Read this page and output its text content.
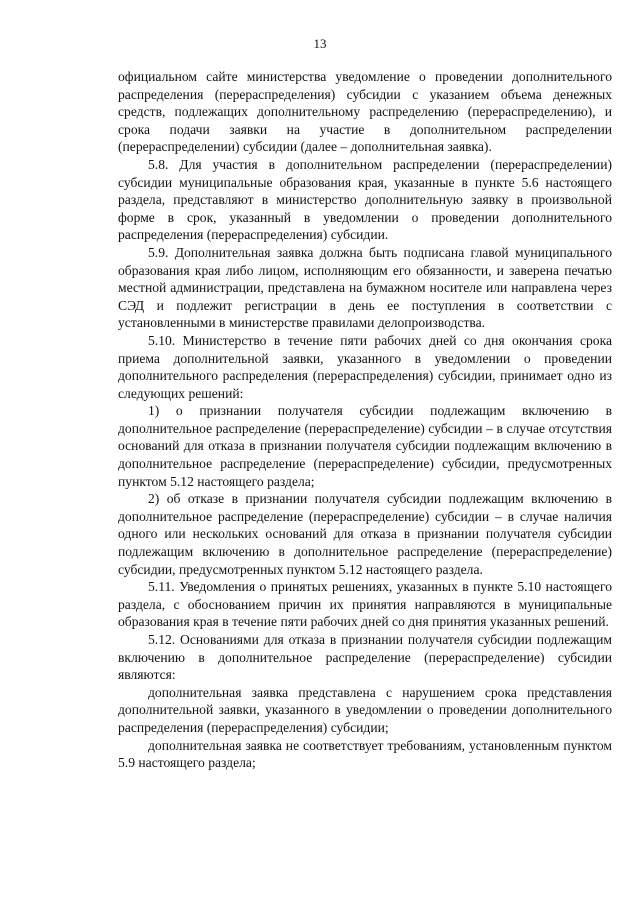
13

официальном сайте министерства уведомление о проведении дополнительного распределения (перераспределения) субсидии с указанием объема денежных средств, подлежащих дополнительному распределению (перераспределению), и срока подачи заявки на участие в дополнительном распределении (перераспределении) субсидии (далее – дополнительная заявка).

5.8. Для участия в дополнительном распределении (перераспределении) субсидии муниципальные образования края, указанные в пункте 5.6 настоящего раздела, представляют в министерство дополнительную заявку в произвольной форме в срок, указанный в уведомлении о проведении дополнительного распределения (перераспределения) субсидии.

5.9. Дополнительная заявка должна быть подписана главой муниципального образования края либо лицом, исполняющим его обязанности, и заверена печатью местной администрации, представлена на бумажном носителе или направлена через СЭД и подлежит регистрации в день ее поступления в соответствии с установленными в министерстве правилами делопроизводства.

5.10. Министерство в течение пяти рабочих дней со дня окончания срока приема дополнительной заявки, указанного в уведомлении о проведении дополнительного распределения (перераспределения) субсидии, принимает одно из следующих решений:

1) о признании получателя субсидии подлежащим включению в дополнительное распределение (перераспределение) субсидии – в случае отсутствия оснований для отказа в признании получателя субсидии подлежащим включению в дополнительное распределение (перераспределение) субсидии, предусмотренных пунктом 5.12 настоящего раздела;

2) об отказе в признании получателя субсидии подлежащим включению в дополнительное распределение (перераспределение) субсидии – в случае наличия одного или нескольких оснований для отказа в признании получателя субсидии подлежащим включению в дополнительное распределение (перераспределение) субсидии, предусмотренных пунктом 5.12 настоящего раздела.

5.11. Уведомления о принятых решениях, указанных в пункте 5.10 настоящего раздела, с обоснованием причин их принятия направляются в муниципальные образования края в течение пяти рабочих дней со дня принятия указанных решений.

5.12. Основаниями для отказа в признании получателя субсидии подлежащим включению в дополнительное распределение (перераспределение) субсидии являются:

дополнительная заявка представлена с нарушением срока представления дополнительной заявки, указанного в уведомлении о проведении дополнительного распределения (перераспределения) субсидии;

дополнительная заявка не соответствует требованиям, установленным пунктом 5.9 настоящего раздела;
